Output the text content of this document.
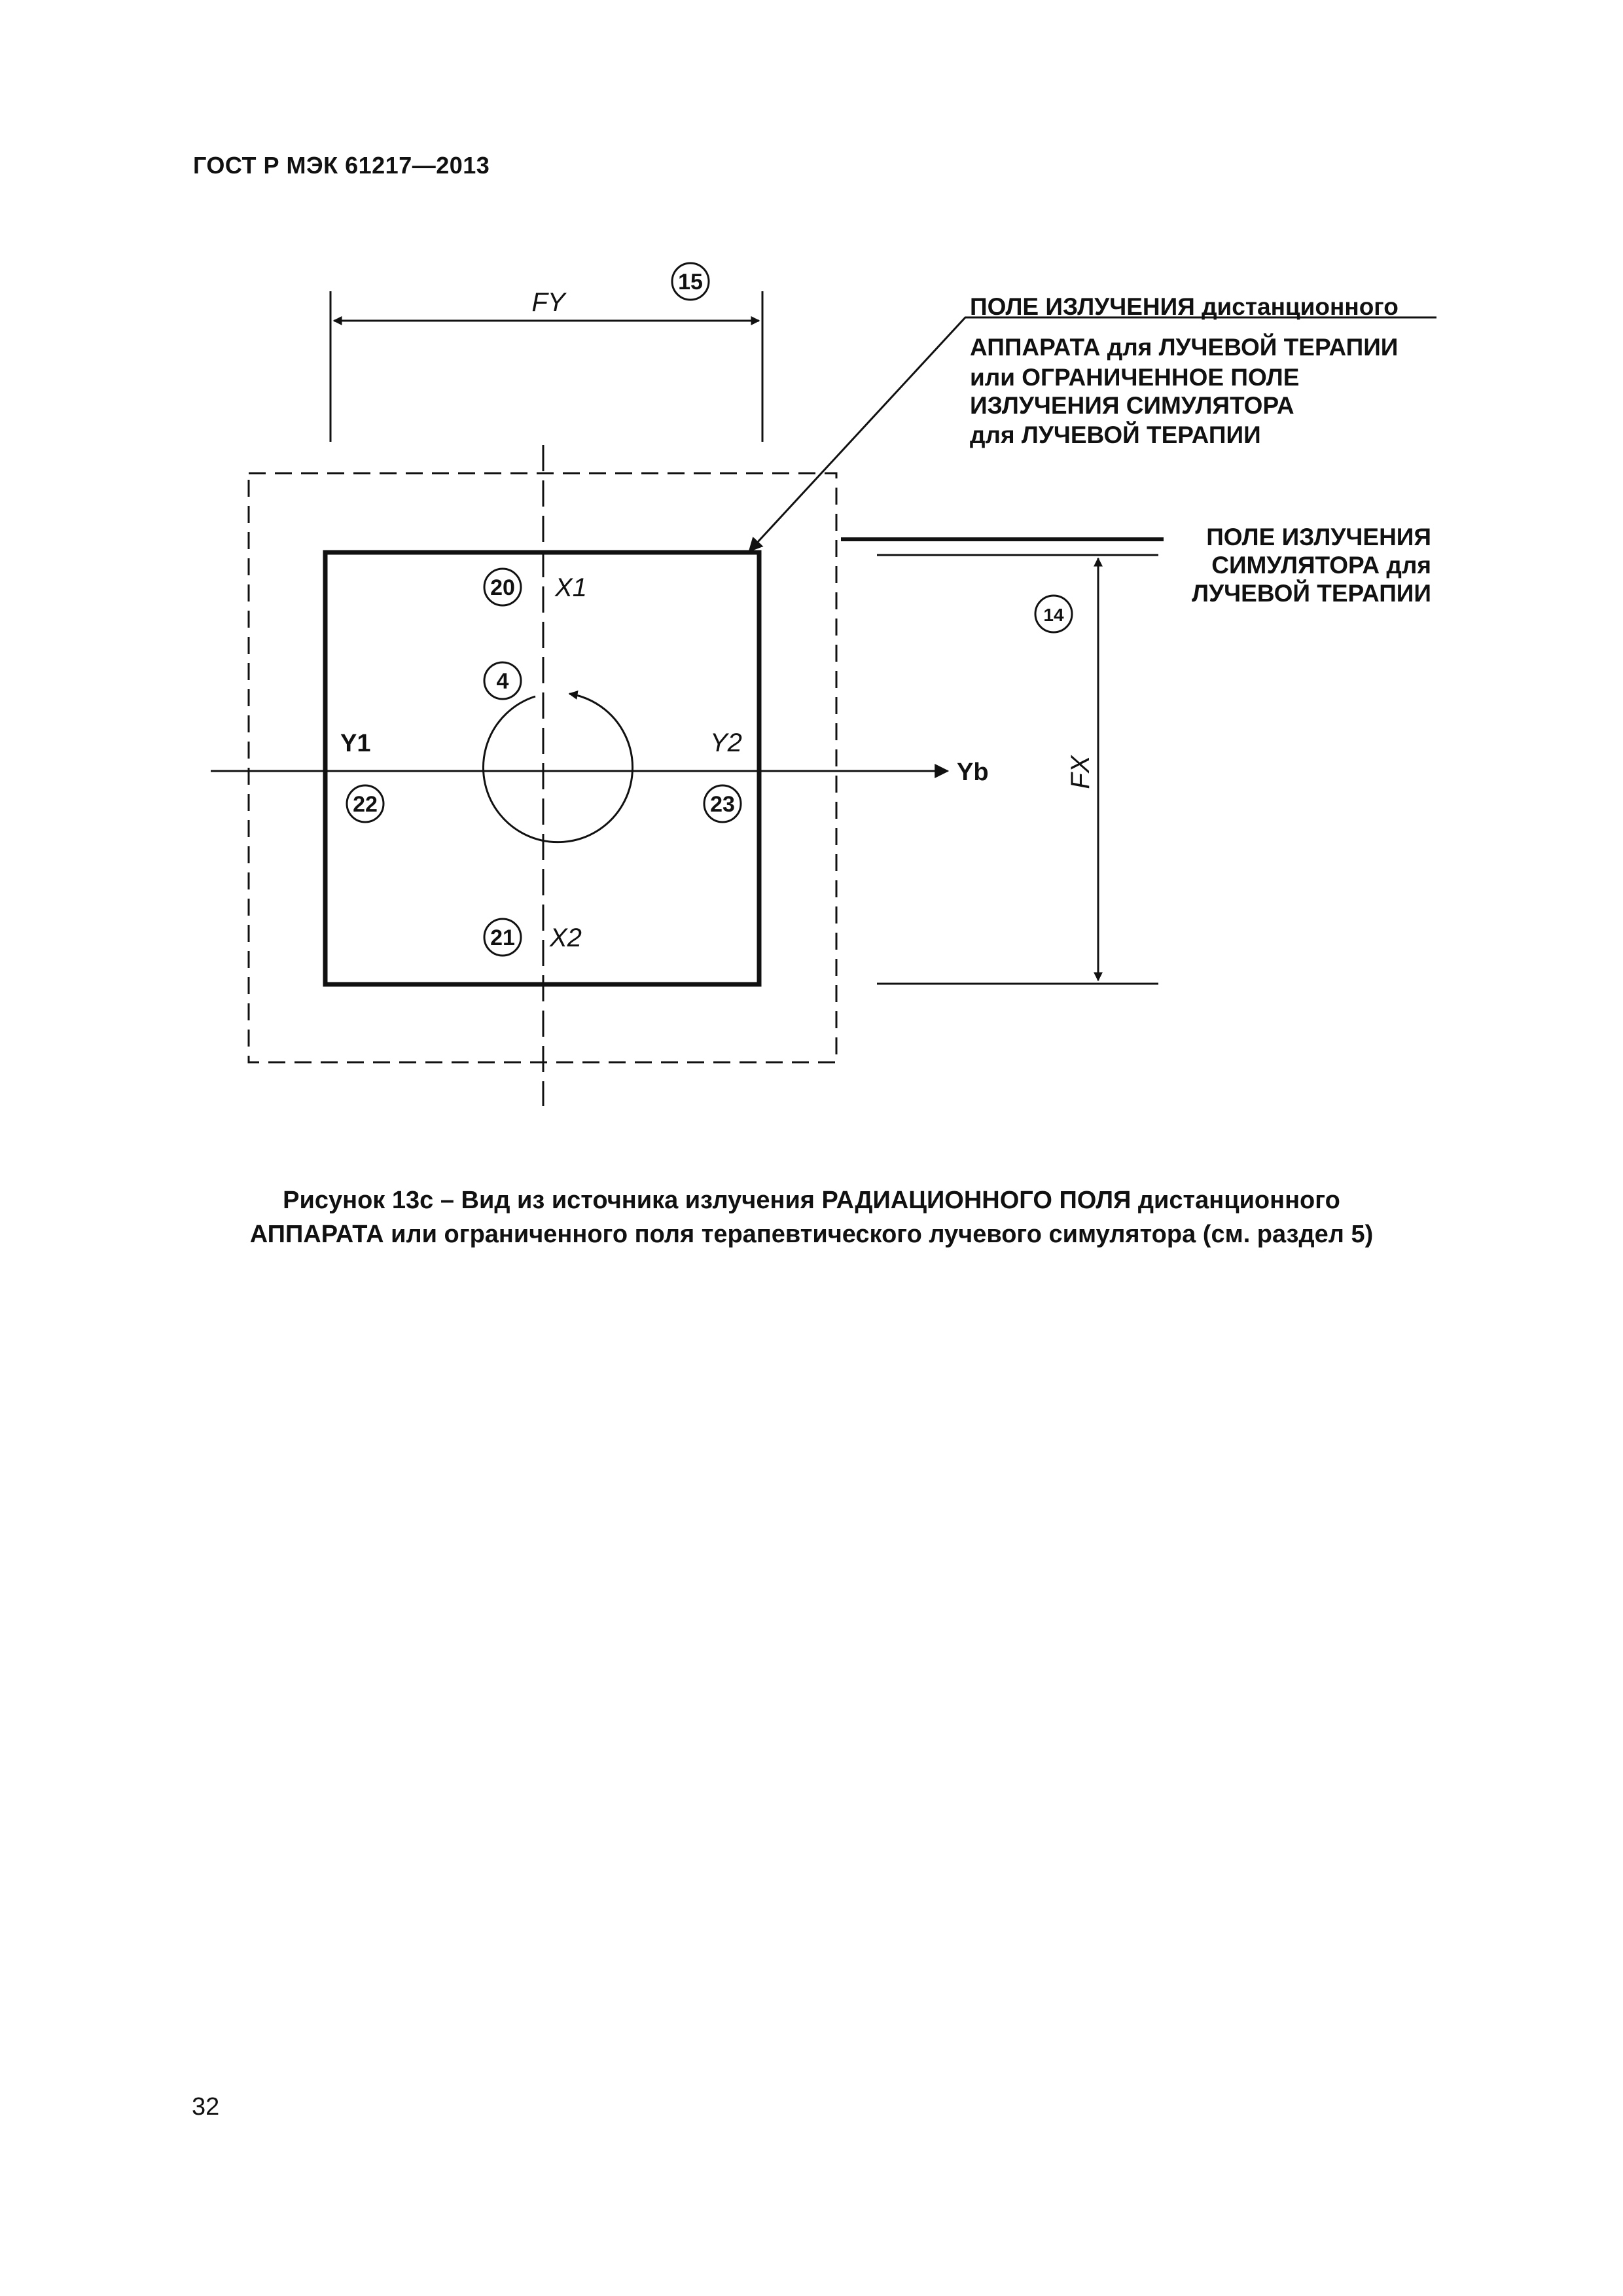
ГОСТ Р МЭК 61217—2013
FY
15
Yb
4
20 X1
21 X2
Y1
22
Y2
23
ПОЛЕ ИЗЛУЧЕНИЯ дистанционного
АППАРАТА для ЛУЧЕВОЙ ТЕРАПИИ
или ОГРАНИЧЕННОЕ ПОЛЕ
ИЗЛУЧЕНИЯ СИМУЛЯТОРА
для ЛУЧЕВОЙ ТЕРАПИИ
ПОЛЕ ИЗЛУЧЕНИЯ
СИМУЛЯТОРА для
ЛУЧЕВОЙ ТЕРАПИИ
FX
14
Рисунок 13с – Вид из источника излучения РАДИАЦИОННОГО ПОЛЯ дистанционного
АППАРАТА или ограниченного поля терапевтического лучевого симулятора (см. раздел 5)
32
